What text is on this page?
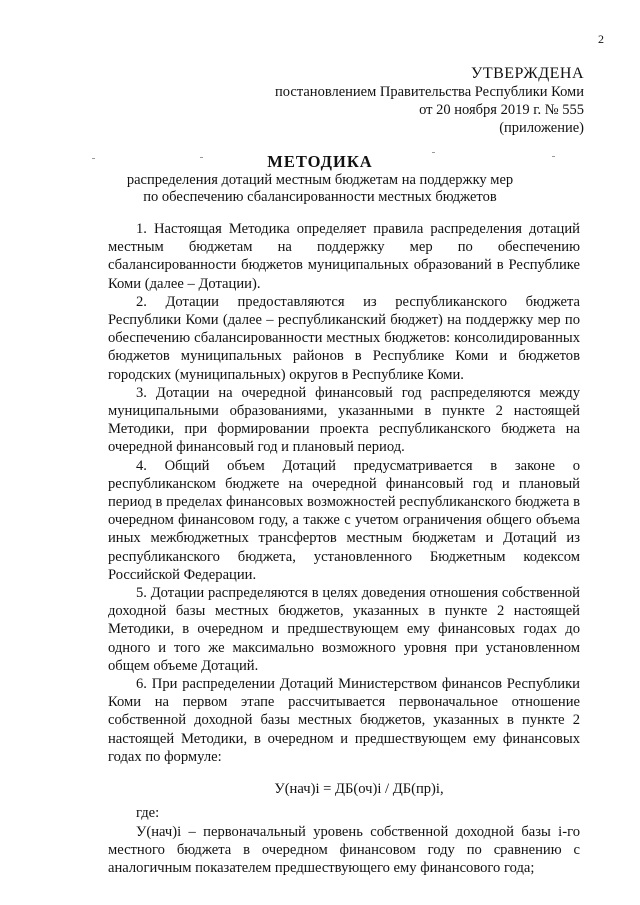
2
УТВЕРЖДЕНА
постановлением Правительства Республики Коми
от 20 ноября 2019 г. № 555
(приложение)
МЕТОДИКА
распределения дотаций местным бюджетам на поддержку мер
по обеспечению сбалансированности местных бюджетов

1. Настоящая Методика определяет правила распределения дотаций местным бюджетам на поддержку мер по обеспечению сбалансированности бюджетов муниципальных образований в Республике Коми (далее – Дотации).

2. Дотации предоставляются из республиканского бюджета Республики Коми (далее – республиканский бюджет) на поддержку мер по обеспечению сбалансированности местных бюджетов: консолидированных бюджетов муниципальных районов в Республике Коми и бюджетов городских (муниципальных) округов в Республике Коми.

3. Дотации на очередной финансовый год распределяются между муниципальными образованиями, указанными в пункте 2 настоящей Методики, при формировании проекта республиканского бюджета на очередной финансовый год и плановый период.

4. Общий объем Дотаций предусматривается в законе о республиканском бюджете на очередной финансовый год и плановый период в пределах финансовых возможностей республиканского бюджета в очередном финансовом году, а также с учетом ограничения общего объема иных межбюджетных трансфертов местным бюджетам и Дотаций из республиканского бюджета, установленного Бюджетным кодексом Российской Федерации.

5. Дотации распределяются в целях доведения отношения собственной доходной базы местных бюджетов, указанных в пункте 2 настоящей Методики, в очередном и предшествующем ему финансовых годах до одного и того же максимально возможного уровня при установленном общем объеме Дотаций.

6. При распределении Дотаций Министерством финансов Республики Коми на первом этапе рассчитывается первоначальное отношение собственной доходной базы местных бюджетов, указанных в пункте 2 настоящей Методики, в очередном и предшествующем ему финансовых годах по формуле:

У(нач)i = ДБ(оч)i / ДБ(пр)i,

где:

У(нач)i – первоначальный уровень собственной доходной базы i-го местного бюджета в очередном финансовом году по сравнению с аналогичным показателем предшествующего ему финансового года;
